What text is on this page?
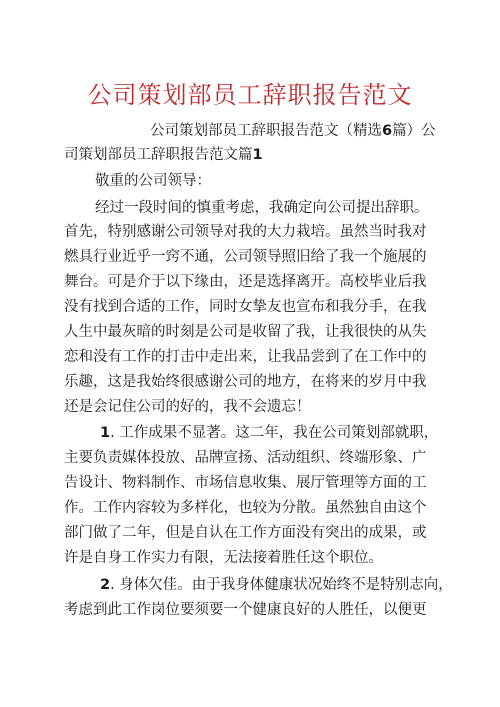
公司策划部员工辞职报告范文
公司策划部员工辞职报告范文（精选6篇）公
司策划部员工辞职报告范文篇1
敬重的公司领导：
经过一段时间的慎重考虑，我确定向公司提出辞职。
首先，特别感谢公司领导对我的大力栽培。虽然当时我对
燃具行业近乎一窍不通，公司领导照旧给了我一个施展的
舞台。可是介于以下缘由，还是选择离开。高校毕业后我
没有找到合适的工作，同时女挚友也宣布和我分手，在我
人生中最灰暗的时刻是公司是收留了我，让我很快的从失
恋和没有工作的打击中走出来，让我品尝到了在工作中的
乐趣，这是我始终很感谢公司的地方，在将来的岁月中我
还是会记住公司的好的，我不会遗忘！
1. 工作成果不显著。这二年，我在公司策划部就职，
主要负责媒体投放、品牌宣扬、活动组织、终端形象、广
告设计、物料制作、市场信息收集、展厅管理等方面的工
作。工作内容较为多样化，也较为分散。虽然独自由这个
部门做了二年，但是自认在工作方面没有突出的成果，或
许是自身工作实力有限，无法接着胜任这个职位。
2. 身体欠佳。由于我身体健康状况始终不是特别志向，
考虑到此工作岗位要须要一个健康良好的人胜任，以便更
